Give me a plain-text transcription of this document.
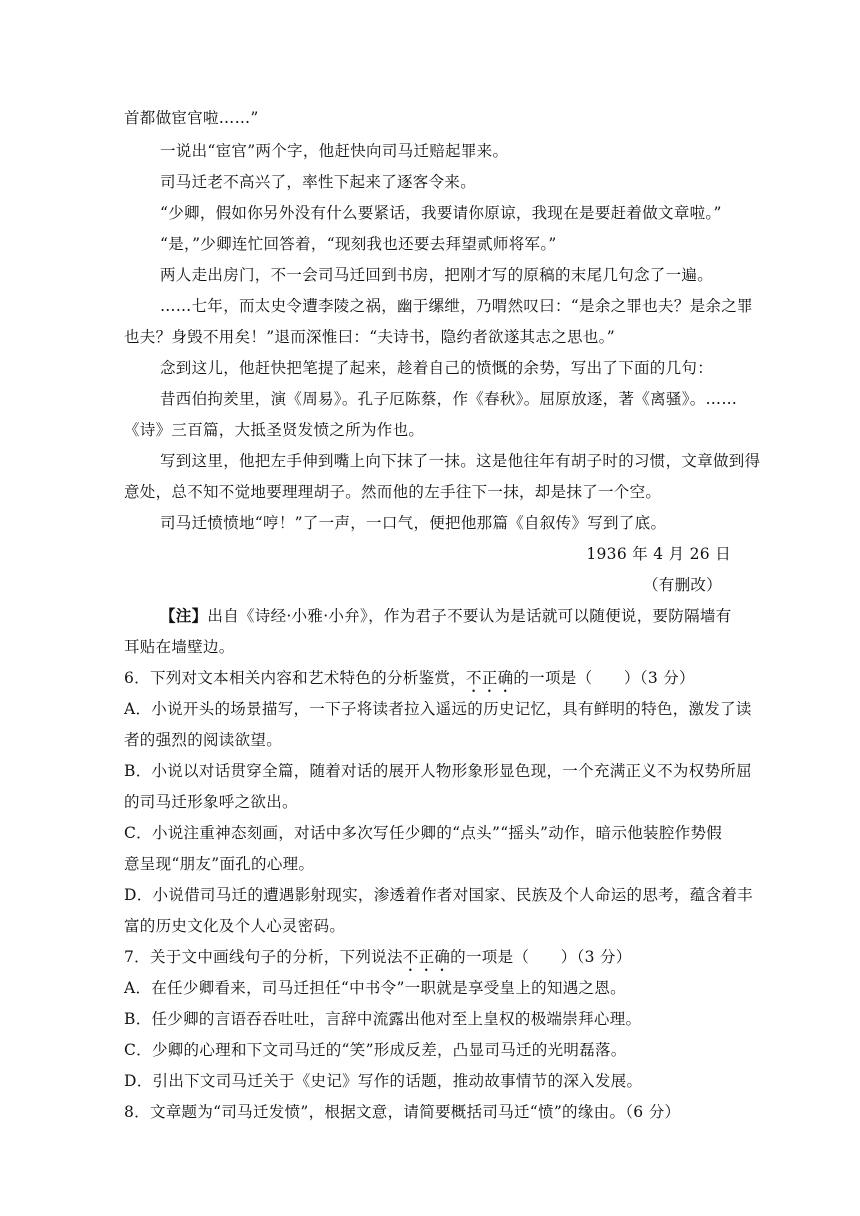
首都做宦官啦……”
一说出“宦官”两个字，他赶快向司马迁赔起罪来。
司马迁老不高兴了，率性下起来了逐客令来。
“少卿，假如你另外没有什么要紧话，我要请你原谅，我现在是要赶着做文章啦。”
“是，”少卿连忙回答着，“现刻我也还要去拜望贰师将军。”
两人走出房门，不一会司马迁回到书房，把刚才写的原稿的末尾几句念了一遍。
……七年，而太史令遭李陵之祸，幽于缧绁，乃喟然叹曰：“是余之罪也夫？是余之罪
也夫？身毁不用矣！”退而深惟曰：“夫诗书，隐约者欲遂其志之思也。”
念到这儿，他赶快把笔提了起来，趁着自己的愤慨的余势，写出了下面的几句：
昔西伯拘羑里，演《周易》。孔子厄陈蔡，作《春秋》。屈原放逐，著《离骚》。……
《诗》三百篇，大抵圣贤发愤之所为作也。
写到这里，他把左手伸到嘴上向下抹了一抹。这是他往年有胡子时的习惯，文章做到得
意处，总不知不觉地要理理胡子。然而他的左手往下一抹，却是抹了一个空。
司马迁愤愤地“哼！”了一声，一口气，便把他那篇《自叙传》写到了底。
1936 年 4 月 26 日
（有删改）
【注】出自《诗经·小雅·小弁》，作为君子不要认为是话就可以随便说，要防隔墙有
耳贴在墙壁边。
6．下列对文本相关内容和艺术特色的分析鉴赏，不正确的一项是（　　）（3 分）
A．小说开头的场景描写，一下子将读者拉入遥远的历史记忆，具有鲜明的特色，激发了读
者的强烈的阅读欲望。
B．小说以对话贯穿全篇，随着对话的展开人物形象形显色现，一个充满正义不为权势所屈
的司马迁形象呼之欲出。
C．小说注重神态刻画，对话中多次写任少卿的“点头”“摇头”动作，暗示他装腔作势假
意呈现“朋友”面孔的心理。
D．小说借司马迁的遭遇影射现实，渗透着作者对国家、民族及个人命运的思考，蕴含着丰
富的历史文化及个人心灵密码。
7．关于文中画线句子的分析，下列说法不正确的一项是（　　）（3 分）
A．在任少卿看来，司马迁担任“中书令”一职就是享受皇上的知遇之恩。
B．任少卿的言语吞吞吐吐，言辞中流露出他对至上皇权的极端崇拜心理。
C．少卿的心理和下文司马迁的“笑”形成反差，凸显司马迁的光明磊落。
D．引出下文司马迁关于《史记》写作的话题，推动故事情节的深入发展。
8．文章题为“司马迁发愤”，根据文意，请简要概括司马迁“愤”的缘由。（6 分）
